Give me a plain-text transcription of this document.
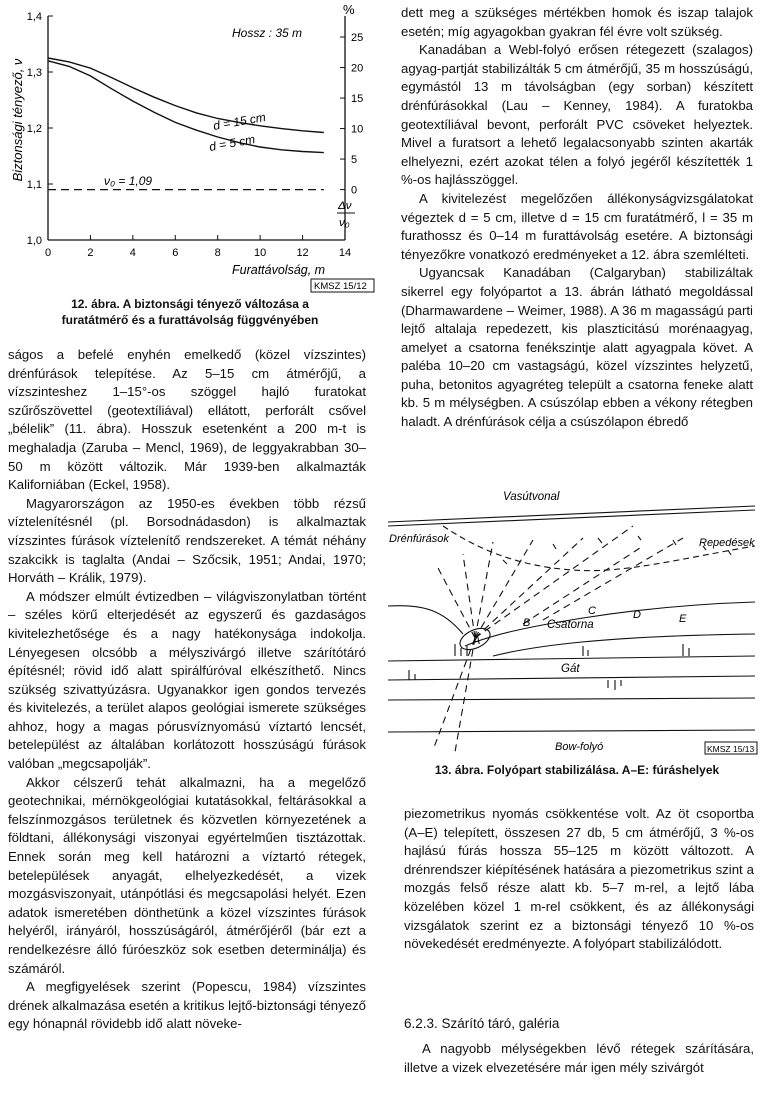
1,4
1,3
1,2
1,1
1,0
0	2	4	6	8	10	12	14
25
20
15
10
5
0
Biztonsági tényező, ν
Furattávolság, m
%
Δν
ν₀
Hossz : 35 m
d = 15 cm
d = 5 cm
ν₀ = 1,09
KMSZ 15/12
12. ábra. A biztonsági tényező változása a
furatátmérő és a furattávolság függvényében

ságos a befelé enyhén emelkedő (közel vízszintes) drénfúrások telepítése. Az 5–15 cm átmérőjű, a vízszinteshez 1–15°-os szöggel hajló furatokat szűrőszövettel (geotextíliával) ellátott, perforált csővel „bélelik” (11. ábra). Hosszuk esetenként a 200 m-t is meghaladja (Zaruba – Mencl, 1969), de leggyakrabban 30–50 m között változik. Már 1939-ben alkalmazták Kaliforniában (Eckel, 1958).

Magyarországon az 1950-es években több rézsű víztelenítésnél (pl. Borsodnádasdon) is alkalmaztak vízszintes fúrások víztelenítő rendszereket. A témát néhány szakcikk is taglalta (Andai – Szőcsik, 1951; Andai, 1970; Horváth – Králik, 1979).

A módszer elmúlt évtizedben – világviszonylatban történt – széles körű elterjedését az egyszerű és gazdaságos kivitelezhetősége és a nagy hatékonysága indokolja. Lényegesen olcsóbb a mélyszivárgó illetve szárítótáró építésnél; rövid idő alatt spirálfúróval elkészíthető. Nincs szükség szivattyúzásra. Ugyanakkor igen gondos tervezés és kivitelezés, a terület alapos geológiai ismerete szükséges ahhoz, hogy a magas pórusvíznyomású víztartó lencsét, betelepülést az általában korlátozott hosszúságú fúrások valóban „megcsapolják”.

Akkor célszerű tehát alkalmazni, ha a megelőző geotechnikai, mérnökgeológiai kutatásokkal, feltárásokkal a felszínmozgásos területnek és közvetlen környezetének a földtani, állékonysági viszonyai egyértelműen tisztázottak. Ennek során meg kell határozni a víztartó rétegek, betelepülések anyagát, elhelyezkedését, a vizek mozgásviszonyait, utánpótlási és megcsapolási helyét. Ezen adatok ismeretében dönthetünk a közel vízszintes fúrások helyéről, irányáról, hosszúságáról, átmérőjéről (bár ezt a rendelkezésre álló fúróeszköz sok esetben determinálja) és számáról.

A megfigyelések szerint (Popescu, 1984) vízszintes drének alkalmazása esetén a kritikus lejtő-biztonsági tényező egy hónapnál rövidebb idő alatt növeke-

dett meg a szükséges mértékben homok és iszap talajok esetén; míg agyagokban gyakran fél évre volt szükség.

Kanadában a Webl-folyó erősen rétegezett (szalagos) agyag-partját stabilizálták 5 cm átmérőjű, 35 m hosszúságú, egymástól 13 m távolságban (egy sorban) készített drénfúrásokkal (Lau – Kenney, 1984). A furatokba geotextíliával bevont, perforált PVC csöveket helyeztek. Mivel a furatsort a lehető legalacsonyabb szinten akarták elhelyezni, ezért azokat télen a folyó jegéről készítették 1 %-os hajlásszöggel.

A kivitelezést megelőzően állékonyságvizsgálatokat végeztek d = 5 cm, illetve d = 15 cm furatátmérő, l = 35 m furathossz és 0–14 m furattávolság esetére. A biztonsági tényezőkre vonatkozó eredményeket a 12. ábra szemlélteti.

Ugyancsak Kanadában (Calgaryban) stabilizáltak sikerrel egy folyópartot a 13. ábrán látható megoldással (Dharmawardene – Weimer, 1988). A 36 m magasságú parti lejtő altalaja repedezett, kis plaszticitású morénaagyag, amelyet a csatorna fenékszintje alatt agyagpala követ. A paléba 10–20 cm vastagságú, közel vízszintes helyzetű, puha, betonitos agyagréteg települt a csatorna feneke alatt kb. 5 m mélységben. A csúszólap ebben a vékony rétegben haladt. A drénfúrások célja a csúszólapon ébredő

Vasútvonal
Drénfúrások	Repedések
Csatorna
Gát
Bow-folyó
A
B
C	D	E
KMSZ 15/13
13. ábra. Folyópart stabilizálása. A–E: fúráshelyek

piezometrikus nyomás csökkentése volt. Az öt csoportba (A–E) telepített, összesen 27 db, 5 cm átmérőjű, 3 %-os hajlású fúrás hossza 55–125 m között változott. A drénrendszer kiépítésének hatására a piezometrikus szint a mozgás felső része alatt kb. 5–7 m-rel, a lejtő lába közelében közel 1 m-rel csökkent, és az állékonysági vizsgálatok szerint ez a biztonsági tényező 10 %-os növekedését eredményezte. A folyópart stabilizálódott.

6.2.3. Szárító táró, galéria

A nagyobb mélységekben lévő rétegek szárítására, illetve a vizek elvezetésére már igen mély szivárgót
